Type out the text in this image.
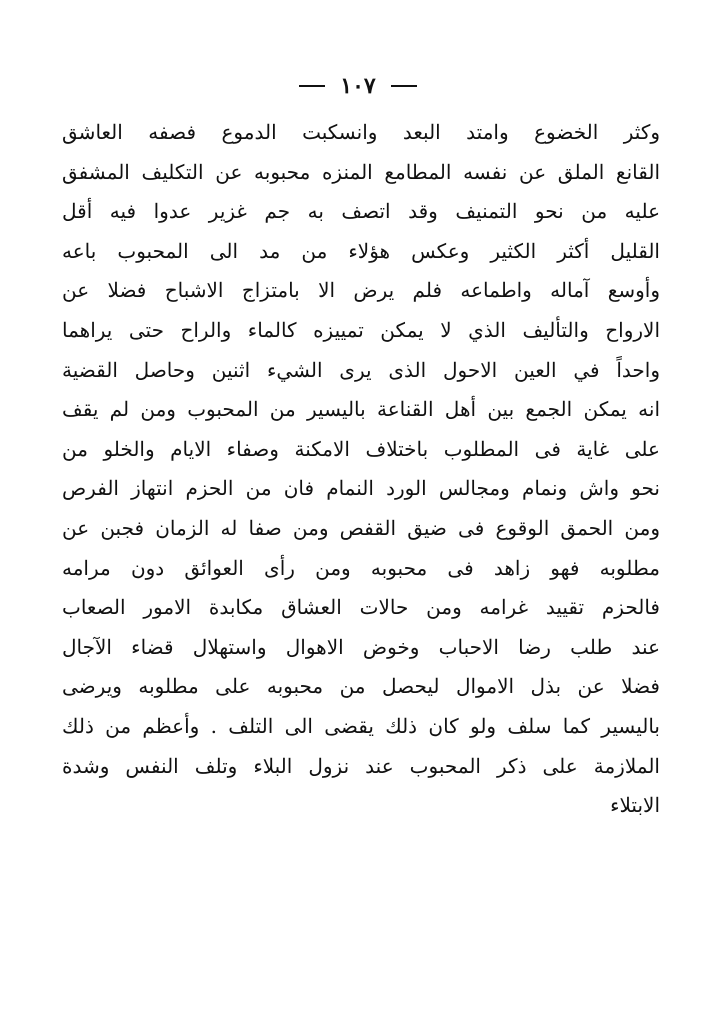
١٠٧
وكثر الخضوع وامتد البعد وانسكبت الدموع فصفه العاشق
القانع الملق عن نفسه المطامع المنزه محبوبه عن التكليف المشفق
عليه من نحو التمنيف وقد اتصف به جم غزير عدوا فيه أقل
القليل أكثر الكثير وعكس هؤلاء من مد الى المحبوب باعه
وأوسع آماله واطماعه فلم يرض الا بامتزاج الاشباح فضلا عن
الارواح والتأليف الذي لا يمكن تمييزه كالماء والراح حتى يراهما
واحداً في العين الاحول الذى يرى الشيء اثنين وحاصل القضية
انه يمكن الجمع بين أهل القناعة باليسير من المحبوب ومن لم يقف
على غاية فى المطلوب باختلاف الامكنة وصفاء الايام والخلو من
نحو واش ونمام ومجالس الورد النمام فان من الحزم انتهاز الفرص
ومن الحمق الوقوع فى ضيق القفص ومن صفا له الزمان فجبن عن
مطلوبه فهو زاهد فى محبوبه ومن رأى العوائق دون مرامه
فالحزم تقييد غرامه ومن حالات العشاق مكابدة الامور الصعاب
عند طلب رضا الاحباب وخوض الاهوال واستهلال قضاء الآجال
فضلا عن بذل الاموال ليحصل من محبوبه على مطلوبه ويرضى
باليسير كما سلف ولو كان ذلك يقضى الى التلف . وأعظم من ذلك
الملازمة على ذكر المحبوب عند نزول البلاء وتلف النفس وشدة
الابتلاء
